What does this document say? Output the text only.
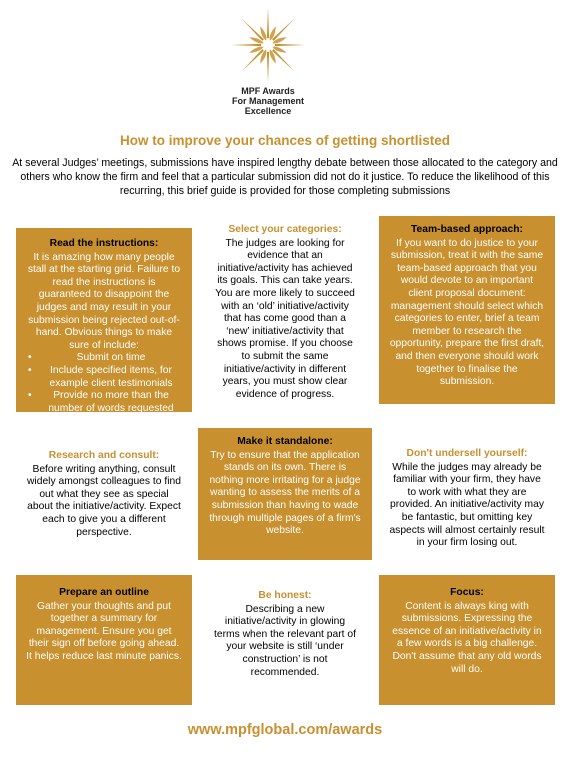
MPF Awards
For Management
Excellence
How to improve your chances of getting shortlisted
At several Judges’ meetings, submissions have inspired lengthy debate between those allocated to the category and others who know the firm and feel that a particular submission did not do it justice. To reduce the likelihood of this recurring, this brief guide is provided for those completing submissions
Read the instructions:
It is amazing how many people stall at the starting grid. Failure to read the instructions is guaranteed to disappoint the judges and may result in your submission being rejected out-of-hand. Obvious things to make sure of include:
• Submit on time
• Include specified items, for example client testimonials
• Provide no more than the number of words requested
Select your categories:
The judges are looking for evidence that an initiative/activity has achieved its goals. This can take years. You are more likely to succeed with an ‘old’ initiative/activity that has come good than a ‘new’ initiative/activity that shows promise. If you choose to submit the same initiative/activity in different years, you must show clear evidence of progress.
Team-based approach:
If you want to do justice to your submission, treat it with the same team-based approach that you would devote to an important client proposal document: management should select which categories to enter, brief a team member to research the opportunity, prepare the first draft, and then everyone should work together to finalise the submission.
Research and consult:
Before writing anything, consult widely amongst colleagues to find out what they see as special about the initiative/activity. Expect each to give you a different perspective.
Make it standalone:
Try to ensure that the application stands on its own. There is nothing more irritating for a judge wanting to assess the merits of a submission than having to wade through multiple pages of a firm's website.
Don't undersell yourself:
While the judges may already be familiar with your firm, they have to work with what they are provided. An initiative/activity may be fantastic, but omitting key aspects will almost certainly result in your firm losing out.
Prepare an outline
Gather your thoughts and put together a summary for management. Ensure you get their sign off before going ahead. It helps reduce last minute panics.
Be honest:
Describing a new initiative/activity in glowing terms when the relevant part of your website is still ‘under construction’ is not recommended.
Focus:
Content is always king with submissions. Expressing the essence of an initiative/activity in a few words is a big challenge. Don't assume that any old words will do.
www.mpfglobal.com/awards
